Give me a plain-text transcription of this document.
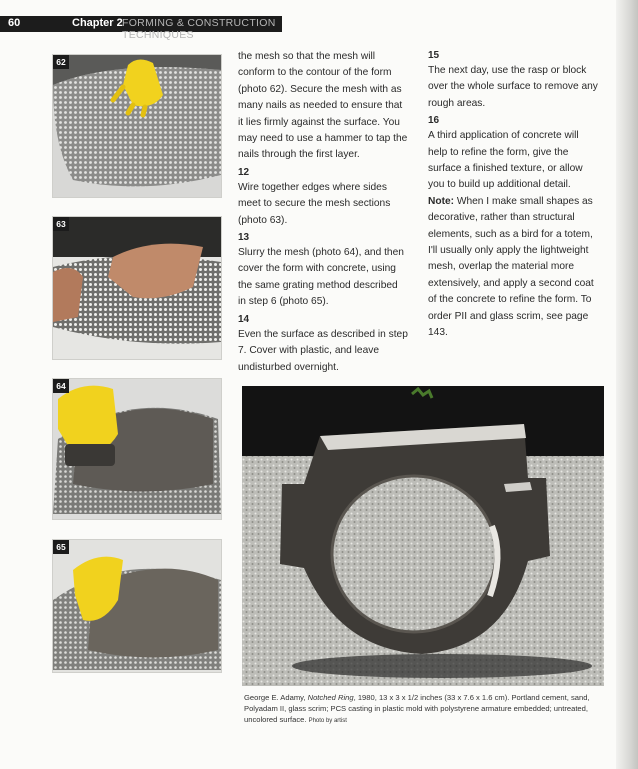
60	Chapter 2 FORMING & CONSTRUCTION TECHNIQUES
62
63
64
65

the mesh so that the mesh will conform to the contour of the form (photo 62). Secure the mesh with as many nails as needed to ensure that it lies firmly against the surface. You may need to use a hammer to tap the nails through the first layer.

12

Wire together edges where sides meet to secure the mesh sections (photo 63).

13

Slurry the mesh (photo 64), and then cover the form with concrete, using the same grating method described in step 6 (photo 65).

14

Even the surface as described in step 7. Cover with plastic, and leave undisturbed overnight.

15

The next day, use the rasp or block over the whole surface to remove any rough areas.

16

A third application of concrete will help to refine the form, give the surface a finished texture, or allow you to build up additional detail.

Note: When I make small shapes as decorative, rather than structural elements, such as a bird for a totem, I'll usually only apply the lightweight mesh, overlap the material more extensively, and apply a second coat of the concrete to refine the form. To order PII and glass scrim, see page 143.

George E. Adamy, Notched Ring, 1980, 13 x 3 x 1/2 inches (33 x 7.6 x 1.6 cm). Portland cement, sand, Polyadam II, glass scrim; PCS casting in plastic mold with polystyrene armature embedded; untreated, uncolored surface. Photo by artist
